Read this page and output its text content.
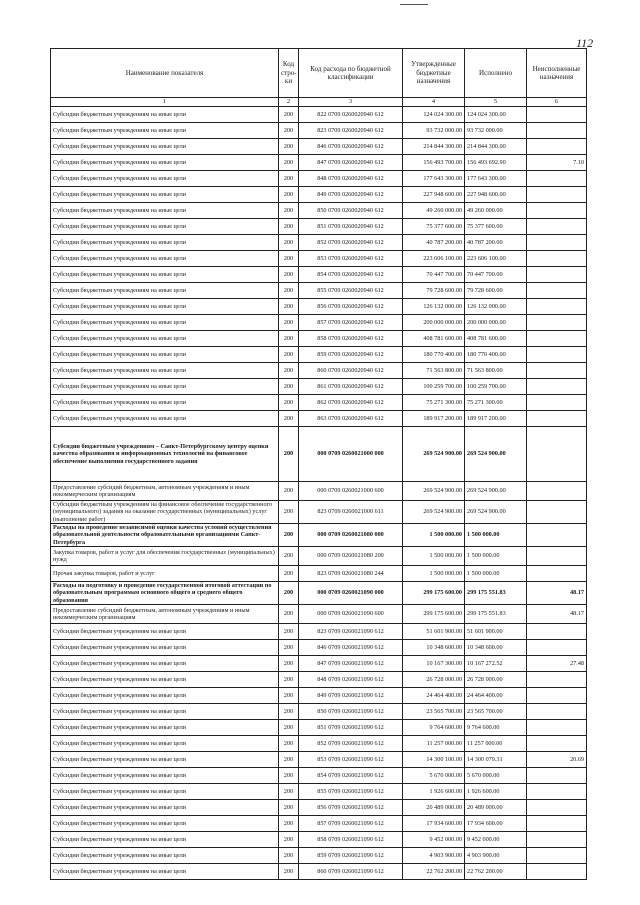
112
Наименование показателя	Код стро-ки	Код расхода по бюджетной классификации	Утвержденные бюджетные назначения	Исполнено	Неисполненные назначения
1	2	3	4	5	6
Субсидии бюджетным учреждениям на иные цели	200	822 0709 0260020940 612	124 024 300.00	124 024 300.00	
Субсидии бюджетным учреждениям на иные цели	200	823 0709 0260020940 612	93 732 000.00	93 732 000.00	
Субсидии бюджетным учреждениям на иные цели	200	846 0709 0260020940 612	214 844 300.00	214 844 300.00	
Субсидии бюджетным учреждениям на иные цели	200	847 0709 0260020940 612	156 493 700.00	156 493 692.90	7.10
Субсидии бюджетным учреждениям на иные цели	200	848 0709 0260020940 612	177 643 300.00	177 643 300.00	
Субсидии бюджетным учреждениям на иные цели	200	849 0709 0260020940 612	227 948 600.00	227 948 600.00	
Субсидии бюджетным учреждениям на иные цели	200	850 0709 0260020940 612	49 260 000.00	49 260 000.00	
Субсидии бюджетным учреждениям на иные цели	200	851 0709 0260020940 612	75 377 600.00	75 377 600.00	
Субсидии бюджетным учреждениям на иные цели	200	852 0709 0260020940 612	40 787 200.00	40 787 200.00	
Субсидии бюджетным учреждениям на иные цели	200	853 0709 0260020940 612	223 606 100.00	223 606 100.00	
Субсидии бюджетным учреждениям на иные цели	200	854 0709 0260020940 612	70 447 700.00	70 447 700.00	
Субсидии бюджетным учреждениям на иные цели	200	855 0709 0260020940 612	79 728 600.00	79 728 600.00	
Субсидии бюджетным учреждениям на иные цели	200	856 0709 0260020940 612	126 132 000.00	126 132 000.00	
Субсидии бюджетным учреждениям на иные цели	200	857 0709 0260020940 612	200 000 000.00	200 000 000.00	
Субсидии бюджетным учреждениям на иные цели	200	858 0709 0260020940 612	408 781 600.00	408 781 600.00	
Субсидии бюджетным учреждениям на иные цели	200	859 0709 0260020940 612	180 770 400.00	180 770 400.00	
Субсидии бюджетным учреждениям на иные цели	200	860 0709 0260020940 612	71 563 800.00	71 563 800.00	
Субсидии бюджетным учреждениям на иные цели	200	861 0709 0260020940 612	100 259 700.00	100 259 700.00	
Субсидии бюджетным учреждениям на иные цели	200	862 0709 0260020940 612	75 271 300.00	75 271 300.00	
Субсидии бюджетным учреждениям на иные цели	200	863 0709 0260020940 612	189 917 200.00	189 917 200.00	
Субсидии бюджетным учреждениям – Санкт-Петербургскому центру оценки качества образования и информационных технологий на финансовое обеспечение выполнения государственного задания	200	000 0709 0260021000 000	269 524 900.00	269 524 900.00	
Предоставление субсидий бюджетным, автономным учреждениям и иным некоммерческим организациям	200	000 0709 0260021000 600	269 524 900.00	269 524 900.00	
Субсидии бюджетным учреждениям на финансовое обеспечение государственного (муниципального) задания на оказание государственных (муниципальных) услуг (выполнение работ)	200	823 0709 0260021000 611	269 524 900.00	269 524 900.00	
Расходы на проведение независимой оценки качества условий осуществления образовательной деятельности образовательными организациями Санкт-Петербурга	200	000 0709 0260021080 000	1 500 000.00	1 500 000.00	
Закупка товаров, работ и услуг для обеспечения государственных (муниципальных) нужд	200	000 0709 0260021080 200	1 500 000.00	1 500 000.00	
Прочая закупка товаров, работ и услуг	200	823 0709 0260021080 244	1 500 000.00	1 500 000.00	
Расходы на подготовку и проведение государственной итоговой аттестации по образовательным программам основного общего и среднего общего образования	200	000 0709 0260021090 000	299 175 600.00	299 175 551.83	48.17
Предоставление субсидий бюджетным, автономным учреждениям и иным некоммерческим организациям	200	000 0709 0260021090 600	299 175 600.00	299 175 551.83	48.17
Субсидии бюджетным учреждениям на иные цели	200	823 0709 0260021090 612	51 601 900.00	51 601 900.00	
Субсидии бюджетным учреждениям на иные цели	200	846 0709 0260021090 612	10 348 600.00	10 348 600.00	
Субсидии бюджетным учреждениям на иные цели	200	847 0709 0260021090 612	10 167 300.00	10 167 272.52	27.48
Субсидии бюджетным учреждениям на иные цели	200	848 0709 0260021090 612	26 728 000.00	26 728 000.00	
Субсидии бюджетным учреждениям на иные цели	200	849 0709 0260021090 612	24 464 400.00	24 464 400.00	
Субсидии бюджетным учреждениям на иные цели	200	850 0709 0260021090 612	23 565 700.00	23 565 700.00	
Субсидии бюджетным учреждениям на иные цели	200	851 0709 0260021090 612	9 764 600.00	9 764 600.00	
Субсидии бюджетным учреждениям на иные цели	200	852 0709 0260021090 612	11 257 000.00	11 257 000.00	
Субсидии бюджетным учреждениям на иные цели	200	853 0709 0260021090 612	14 300 100.00	14 300 079.31	20.69
Субсидии бюджетным учреждениям на иные цели	200	854 0709 0260021090 612	5 670 000.00	5 670 000.00	
Субсидии бюджетным учреждениям на иные цели	200	855 0709 0260021090 612	1 926 600.00	1 926 600.00	
Субсидии бюджетным учреждениям на иные цели	200	856 0709 0260021090 612	20 489 000.00	20 489 000.00	
Субсидии бюджетным учреждениям на иные цели	200	857 0709 0260021090 612	17 934 600.00	17 934 600.00	
Субсидии бюджетным учреждениям на иные цели	200	858 0709 0260021090 612	9 452 000.00	9 452 000.00	
Субсидии бюджетным учреждениям на иные цели	200	859 0709 0260021090 612	4 903 900.00	4 903 900.00	
Субсидии бюджетным учреждениям на иные цели	200	860 0709 0260021090 612	22 762 200.00	22 762 200.00	
